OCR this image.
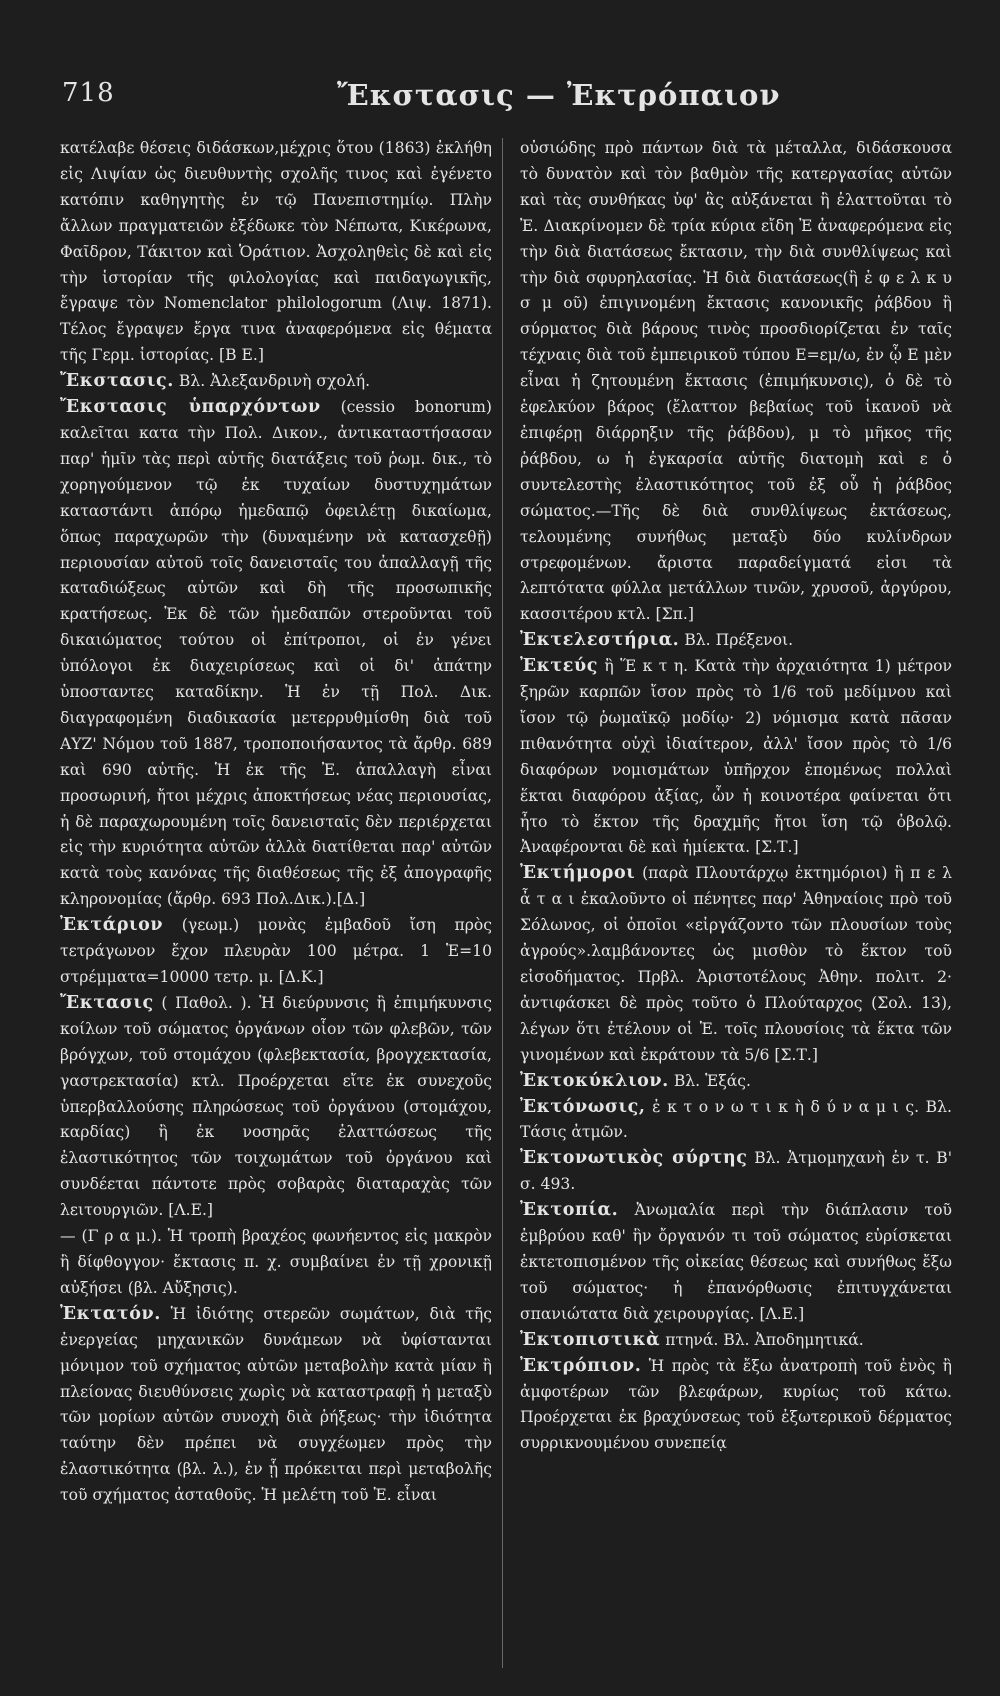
718	Ἔκστασις — Ἐκτρόπαιον

κατέλαβε θέσεις διδάσκων,μέχρις ὅτου (1863) ἐκλήθη εἰς Λιψίαν ὡς διευθυντὴς σχολῆς τινος καὶ ἐγένετο κατόπιν καθηγητὴς ἐν τῷ Πανεπιστημίῳ. Πλὴν ἄλλων πραγματειῶν ἐξέδωκε τὸν Νέπωτα, Κικέρωνα, Φαῖδρον, Τάκιτον καὶ Ὁράτιον. Ἀσχοληθεὶς δὲ καὶ εἰς τὴν ἱστορίαν τῆς φιλολογίας καὶ παιδαγωγικῆς, ἔγραψε τὸν Nomenclator philologorum (Λιψ. 1871). Τέλος ἔγραψεν ἔργα τινα ἀναφερόμενα εἰς θέματα τῆς Γερμ. ἱστορίας. [Β Ε.]

Ἔκστασις. Βλ. Ἀλεξανδρινὴ σχολή.

Ἔκστασις ὑπαρχόντων (cessio bonorum) καλεῖται κατα τὴν Πολ. Δικον., ἀντικαταστήσασαν παρ' ἡμῖν τὰς περὶ αὐτῆς διατάξεις τοῦ ῥωμ. δικ., τὸ χορηγούμενον τῷ ἐκ τυχαίων δυστυχημάτων καταστάντι ἀπόρῳ ἡμεδαπῷ ὀφειλέτῃ δικαίωμα, ὅπως παραχωρῶν τὴν (δυναμένην νὰ κατασχεθῇ) περιουσίαν αὐτοῦ τοῖς δανεισταῖς του ἀπαλλαγῇ τῆς καταδιώξεως αὐτῶν καὶ δὴ τῆς προσωπικῆς κρατήσεως. Ἐκ δὲ τῶν ἡμεδαπῶν στεροῦνται τοῦ δικαιώματος τούτου οἱ ἐπίτροποι, οἱ ἐν γένει ὑπόλογοι ἐκ διαχειρίσεως καὶ οἱ δι' ἀπάτην ὑποσταντες καταδίκην. Ἡ ἐν τῇ Πολ. Δικ. διαγραφομένη διαδικασία μετερρυθμίσθη διὰ τοῦ ΑΥΖ' Νόμου τοῦ 1887, τροποποιήσαντος τὰ ἄρθρ. 689 καὶ 690 αὐτῆς. Ἡ ἐκ τῆς Ἐ. ἀπαλλαγὴ εἶναι προσωρινή, ἤτοι μέχρις ἀποκτήσεως νέας περιουσίας, ἡ δὲ παραχωρουμένη τοῖς δανεισταῖς δὲν περιέρχεται εἰς τὴν κυριότητα αὐτῶν ἀλλὰ διατίθεται παρ' αὐτῶν κατὰ τοὺς κανόνας τῆς διαθέσεως τῆς ἐξ ἀπογραφῆς κληρονομίας (ἄρθρ. 693 Πολ.Δικ.).[Δ.]

Ἐκτάριον (γεωμ.) μονὰς ἐμβαδοῦ ἴση πρὸς τετράγωνον ἔχον πλευρὰν 100 μέτρα. 1 Ἑ=10 στρέμματα=10000 τετρ. μ. [Δ.Κ.]

Ἔκτασις ( Παθολ. ). Ἡ διεύρυνσις ἢ ἐπιμήκυνσις κοίλων τοῦ σώματος ὀργάνων οἷον τῶν φλεβῶν, τῶν βρόγχων, τοῦ στομάχου (φλεβεκτασία, βρογχεκτασία, γαστρεκτασία) κτλ. Προέρχεται εἴτε ἐκ συνεχοῦς ὑπερβαλλούσης πληρώσεως τοῦ ὀργάνου (στομάχου, καρδίας) ἢ ἐκ νοσηρᾶς ἐλαττώσεως τῆς ἐλαστικότητος τῶν τοιχωμάτων τοῦ ὀργάνου καὶ συνδέεται πάντοτε πρὸς σοβαρὰς διαταραχὰς τῶν λειτουργιῶν. [Λ.Ε.]

— (Γ ρ α μ.). Ἡ τροπὴ βραχέος φωνήεντος εἰς μακρὸν ἢ δίφθογγον· ἔκτασις π. χ. συμβαίνει ἐν τῇ χρονικῇ αὐξήσει (βλ. Αὔξησις).

Ἐκτατόν. Ἡ ἰδιότης στερεῶν σωμάτων, διὰ τῆς ἐνεργείας μηχανικῶν δυνάμεων νὰ ὑφίστανται μόνιμον τοῦ σχήματος αὐτῶν μεταβολὴν κατὰ μίαν ἢ πλείονας διευθύνσεις χωρὶς νὰ καταστραφῇ ἡ μεταξὺ τῶν μορίων αὐτῶν συνοχὴ διὰ ῥήξεως· τὴν ἰδιότητα ταύτην δὲν πρέπει νὰ συγχέωμεν πρὸς τὴν ἐλαστικότητα (βλ. λ.), ἐν ᾗ πρόκειται περὶ μεταβολῆς τοῦ σχήματος ἀσταθοῦς. Ἡ μελέτη τοῦ Ἐ. εἶναι

οὐσιώδης πρὸ πάντων διὰ τὰ μέταλλα, διδάσκουσα τὸ δυνατὸν καὶ τὸν βαθμὸν τῆς κατεργασίας αὐτῶν καὶ τὰς συνθήκας ὑφ' ἃς αὐξάνεται ἢ ἐλαττοῦται τὸ Ἐ. Διακρίνομεν δὲ τρία κύρια εἴδη Ἐ ἀναφερόμενα εἰς τὴν διὰ διατάσεως ἔκτασιν, τὴν διὰ συνθλίψεως καὶ τὴν διὰ σφυρηλασίας. Ἡ διὰ διατάσεως(ἢ ἑ φ ε λ κ υ σ μ οῦ) ἐπιγινομένη ἔκτασις κανονικῆς ῥάβδου ἢ σύρματος διὰ βάρους τινὸς προσδιορίζεται ἐν ταῖς τέχναις διὰ τοῦ ἐμπειρικοῦ τύπου Ε=εμ/ω, ἐν ᾧ Ε μὲν εἶναι ἡ ζητουμένη ἔκτασις (ἐπιμήκυνσις), ὁ δὲ τὸ ἐφελκύον βάρος (ἔλαττον βεβαίως τοῦ ἱκανοῦ νὰ ἐπιφέρῃ διάρρηξιν τῆς ῥάβδου), μ τὸ μῆκος τῆς ῥάβδου, ω ἡ ἐγκαρσία αὐτῆς διατομὴ καὶ ε ὁ συντελεστὴς ἐλαστικότητος τοῦ ἐξ οὗ ἡ ῥάβδος σώματος.—Τῆς δὲ διὰ συνθλίψεως ἐκτάσεως, τελουμένης συνήθως μεταξὺ δύο κυλίνδρων στρεφομένων. ἄριστα παραδείγματά εἰσι τὰ λεπτότατα φύλλα μετάλλων τινῶν, χρυσοῦ, ἀργύρου, κασσιτέρου κτλ. [Σπ.]

Ἐκτελεστήρια. Βλ. Πρέξενοι.

Ἐκτεύς ἢ Ἕ κ τ η. Κατὰ τὴν ἀρχαιότητα 1) μέτρον ξηρῶν καρπῶν ἴσον πρὸς τὸ 1/6 τοῦ μεδίμνου καὶ ἴσον τῷ ῥωμαϊκῷ μοδίῳ· 2) νόμισμα κατὰ πᾶσαν πιθανότητα οὐχὶ ἰδιαίτερον, ἀλλ' ἴσον πρὸς τὸ 1/6 διαφόρων νομισμάτων ὑπῆρχον ἑπομένως πολλαὶ ἕκται διαφόρου ἀξίας, ὧν ἡ κοινοτέρα φαίνεται ὅτι ἦτο τὸ ἕκτον τῆς δραχμῆς ἤτοι ἴση τῷ ὀβολῷ. Ἀναφέρονται δὲ καὶ ἡμίεκτα. [Σ.Τ.]

Ἐκτήμοροι (παρὰ Πλουτάρχῳ ἑκτημόριοι) ἢ π ε λ ἆ τ α ι ἐκαλοῦντο οἱ πένητες παρ' Ἀθηναίοις πρὸ τοῦ Σόλωνος, οἱ ὁποῖοι «εἰργάζοντο τῶν πλουσίων τοὺς ἀγρούς».λαμβάνοντες ὡς μισθὸν τὸ ἕκτον τοῦ εἰσοδήματος. Πρβλ. Ἀριστοτέλους Ἀθην. πολιτ. 2· ἀντιφάσκει δὲ πρὸς τοῦτο ὁ Πλούταρχος (Σολ. 13), λέγων ὅτι ἐτέλουν οἱ Ἑ. τοῖς πλουσίοις τὰ ἕκτα τῶν γινομένων καὶ ἐκράτουν τὰ 5/6 [Σ.Τ.]

Ἐκτοκύκλιον. Βλ. Ἑξάς.

Ἐκτόνωσις, ἐ κ τ ο ν ω τ ι κ ὴ δ ύ ν α μ ι ς. Βλ. Τάσις ἀτμῶν.

Ἐκτονωτικὸς σύρτης Βλ. Ἀτμομηχανὴ ἐν τ. Β' σ. 493.

Ἐκτοπία. Ἀνωμαλία περὶ τὴν διάπλασιν τοῦ ἐμβρύου καθ' ἣν ὄργανόν τι τοῦ σώματος εὑρίσκεται ἐκτετοπισμένον τῆς οἰκείας θέσεως καὶ συνήθως ἔξω τοῦ σώματος· ἡ ἐπανόρθωσις ἐπιτυγχάνεται σπανιώτατα διὰ χειρουργίας. [Λ.Ε.]

Ἐκτοπιστικὰ πτηνά. Βλ. Ἀποδημητικά.

Ἐκτρόπιον. Ἡ πρὸς τὰ ἔξω ἀνατροπὴ τοῦ ἑνὸς ἢ ἀμφοτέρων τῶν βλεφάρων, κυρίως τοῦ κάτω. Προέρχεται ἐκ βραχύνσεως τοῦ ἐξωτερικοῦ δέρματος συρρικνουμένου συνεπείᾳ
